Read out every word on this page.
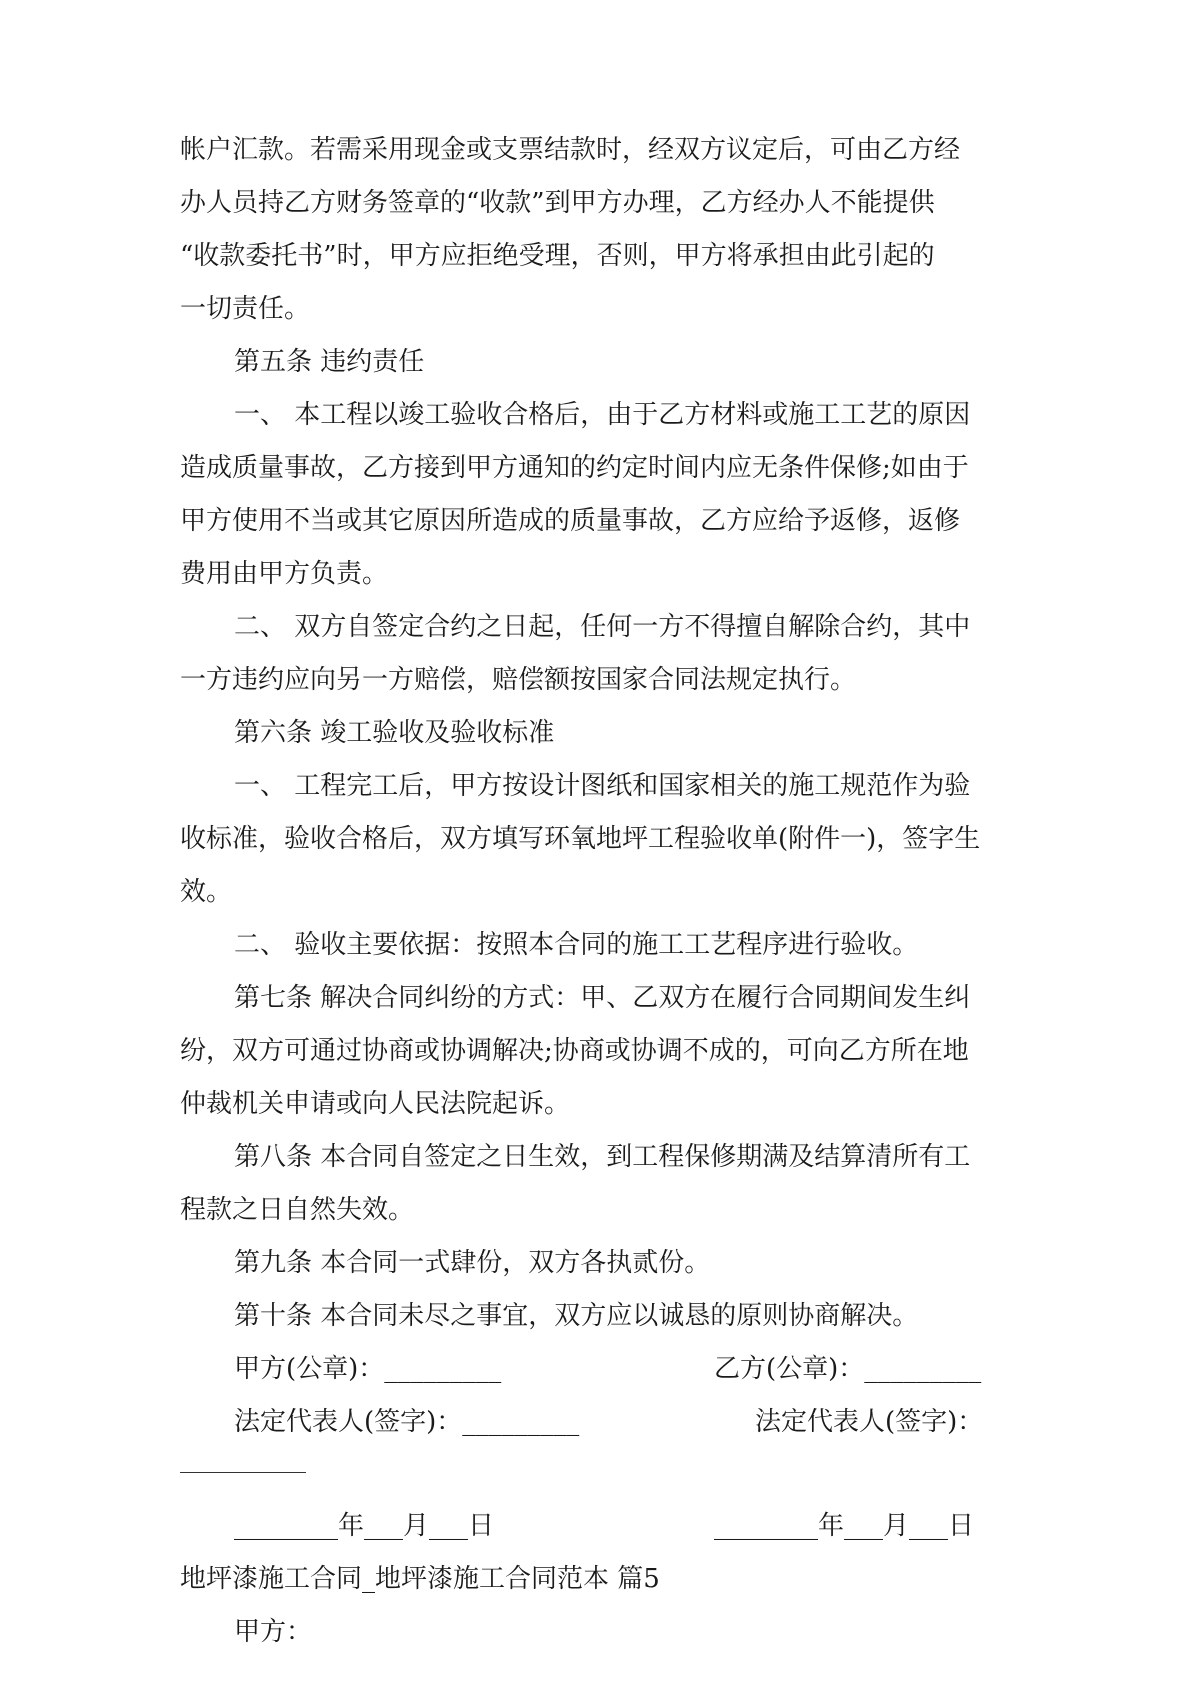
帐户汇款。若需采用现金或支票结款时，经双方议定后，可由乙方经
办人员持乙方财务签章的“收款”到甲方办理，乙方经办人不能提供
“收款委托书”时，甲方应拒绝受理，否则，甲方将承担由此引起的
一切责任。
第五条 违约责任
一、 本工程以竣工验收合格后，由于乙方材料或施工工艺的原因
造成质量事故，乙方接到甲方通知的约定时间内应无条件保修;如由于
甲方使用不当或其它原因所造成的质量事故，乙方应给予返修，返修
费用由甲方负责。
二、 双方自签定合约之日起，任何一方不得擅自解除合约，其中
一方违约应向另一方赔偿，赔偿额按国家合同法规定执行。
第六条 竣工验收及验收标准
一、 工程完工后，甲方按设计图纸和国家相关的施工规范作为验
收标准，验收合格后，双方填写环氧地坪工程验收单(附件一)，签字生
效。
二、 验收主要依据：按照本合同的施工工艺程序进行验收。
第七条 解决合同纠纷的方式：甲、乙双方在履行合同期间发生纠
纷，双方可通过协商或协调解决;协商或协调不成的，可向乙方所在地
仲裁机关申请或向人民法院起诉。
第八条 本合同自签定之日生效，到工程保修期满及结算清所有工
程款之日自然失效。
第九条 本合同一式肆份，双方各执贰份。
第十条 本合同未尽之事宜，双方应以诚恳的原则协商解决。
甲方(公章)：_________	乙方(公章)：_________
法定代表人(签字)：_________	法定代表人(签字)：
________年___月___日	________年___月___日
地坪漆施工合同_地坪漆施工合同范本 篇5
甲方：
